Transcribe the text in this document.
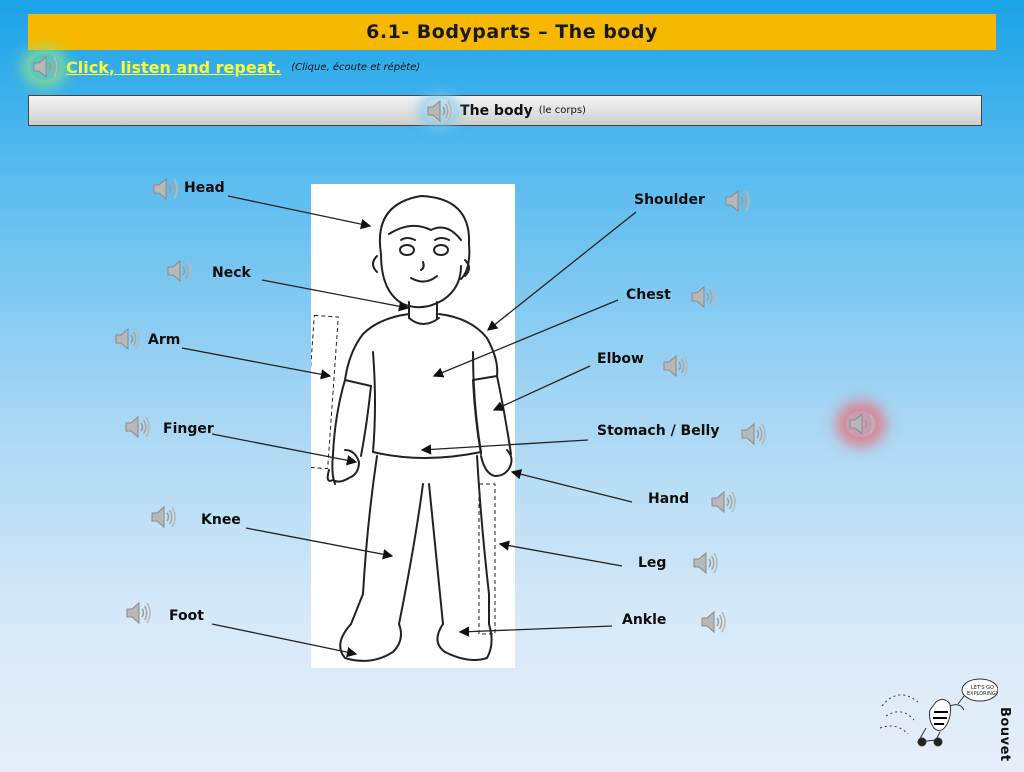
6.1- Bodyparts – The body
Click, listen and repeat. (Clique, écoute et répète)
The body (le corps)
Head
Neck
Arm
Finger
Knee
Foot
Shoulder
Chest
Elbow
Stomach / Belly
Hand
Leg
Ankle
LET'S GO
EXPLORING!
Bouvet
